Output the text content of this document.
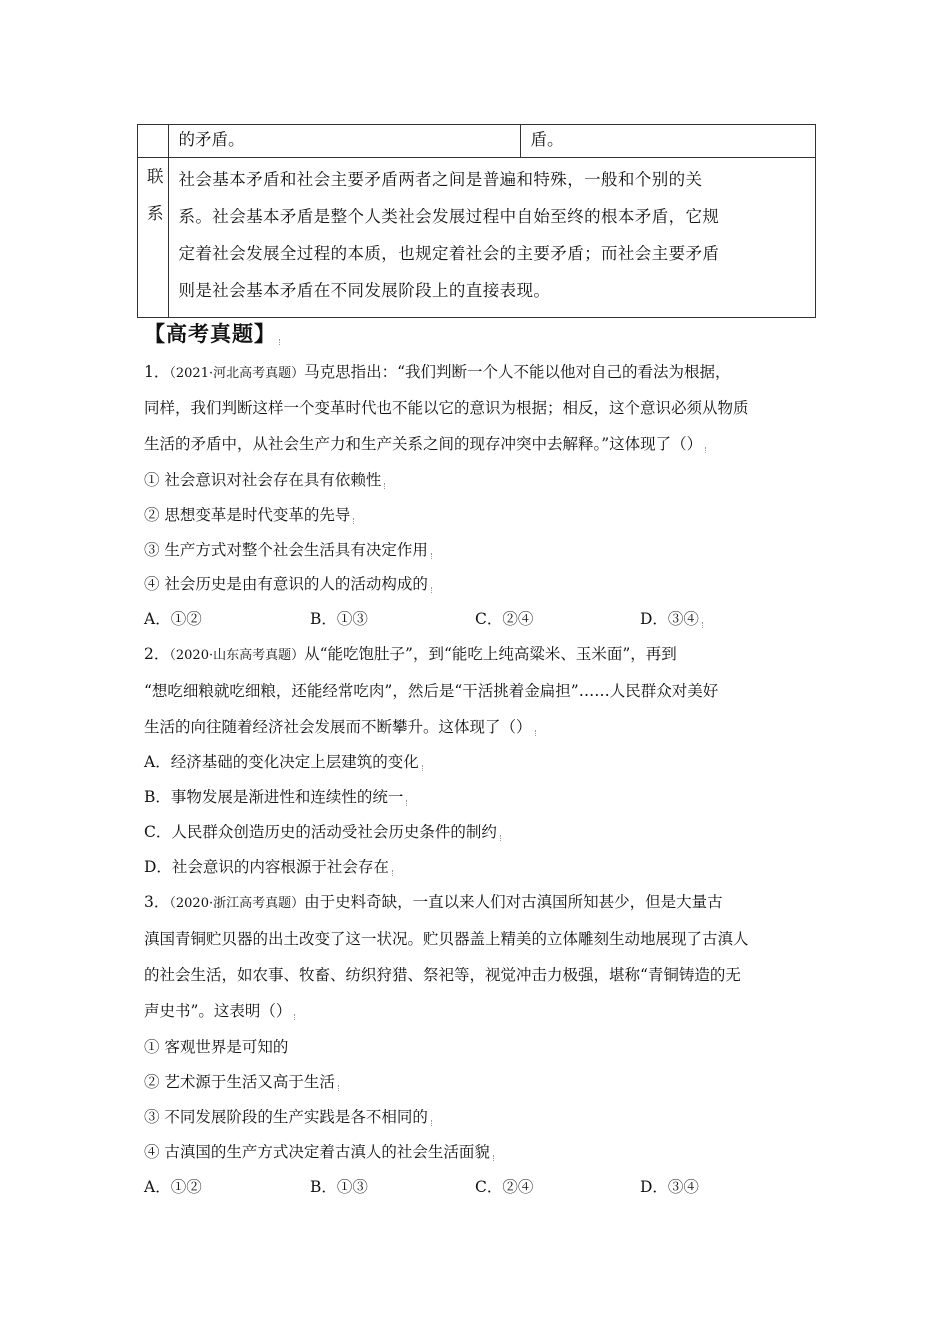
	的矛盾。	盾。

联
系	社会基本矛盾和社会主要矛盾两者之间是普遍和特殊，一般和个别的关
系。社会基本矛盾是整个人类社会发展过程中自始至终的根本矛盾，它规
定着社会发展全过程的本质，也规定着社会的主要矛盾；而社会主要矛盾
则是社会基本矛盾在不同发展阶段上的直接表现。	
【高考真题】
1．（2021·河北高考真题）马克思指出：“我们判断一个人不能以他对自己的看法为根据，
同样，我们判断这样一个变革时代也不能以它的意识为根据；相反，这个意识必须从物质
生活的矛盾中，从社会生产力和生产关系之间的现存冲突中去解释。”这体现了（）
① 社会意识对社会存在具有依赖性
② 思想变革是时代变革的先导
③ 生产方式对整个社会生活具有决定作用
④ 社会历史是由有意识的人的活动构成的
A．①②	B．①③	C．②④	D．③④
2．（2020·山东高考真题）从“能吃饱肚子”，到“能吃上纯高粱米、玉米面”，再到
“想吃细粮就吃细粮，还能经常吃肉”，然后是“干活挑着金扁担”……人民群众对美好
生活的向往随着经济社会发展而不断攀升。这体现了（）
A．经济基础的变化决定上层建筑的变化
B．事物发展是渐进性和连续性的统一
C．人民群众创造历史的活动受社会历史条件的制约
D．社会意识的内容根源于社会存在
3．（2020·浙江高考真题）由于史料奇缺，一直以来人们对古滇国所知甚少，但是大量古
滇国青铜贮贝器的出土改变了这一状况。贮贝器盖上精美的立体雕刻生动地展现了古滇人
的社会生活，如农事、牧畜、纺织狩猎、祭祀等，视觉冲击力极强，堪称“青铜铸造的无
声史书”。这表明（）
① 客观世界是可知的
② 艺术源于生活又高于生活
③ 不同发展阶段的生产实践是各不相同的
④ 古滇国的生产方式决定着古滇人的社会生活面貌
A．①②	B．①③	C．②④	D．③④
